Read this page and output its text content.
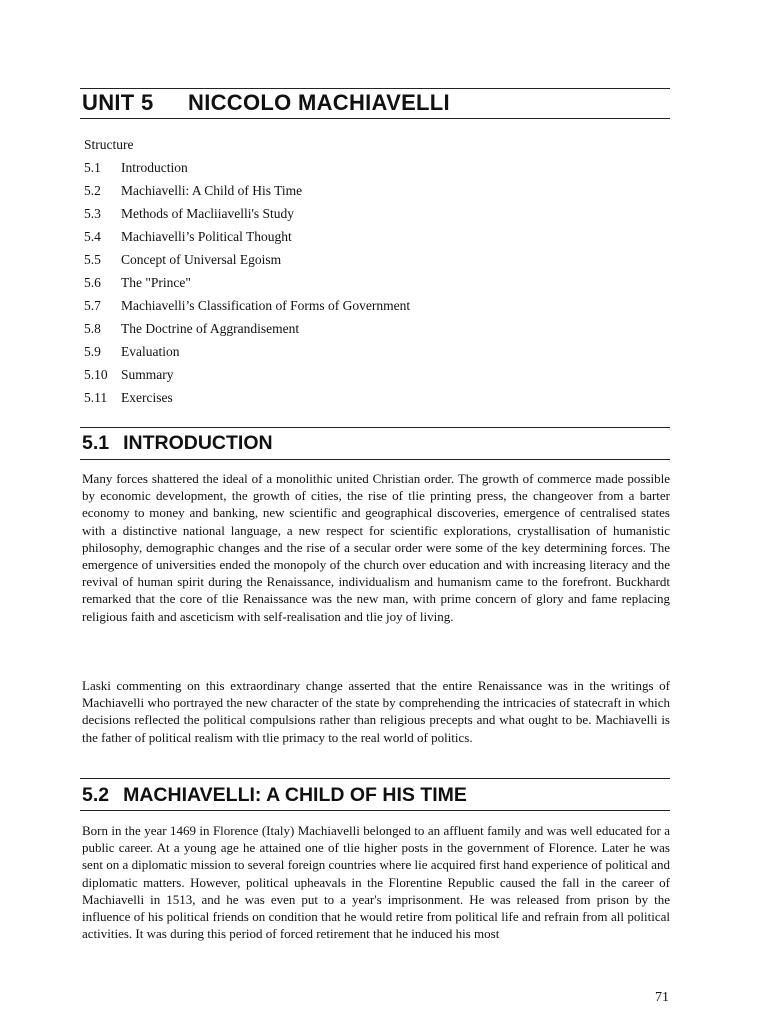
UNIT 5 NICCOLO MACHIAVELLI
Structure
5.1	Introduction
5.2	Machiavelli: A Child of His Time
5.3	Methods of Macliiavelli's Study
5.4	Machiavelli’s Political Thought
5.5	Concept of Universal Egoism
5.6	The "Prince"
5.7	Machiavelli’s Classification of Forms of Government
5.8	The Doctrine of Aggrandisement
5.9	Evaluation
5.10 Summary
5.11	Exercises
5.1 INTRODUCTION

Many forces shattered the ideal of a monolithic united Christian order. The growth of commerce made possible by economic development, the growth of cities, the rise of tlie printing press, the changeover from a barter economy to money and banking, new scientific and geographical discoveries, emergence of centralised states with a distinctive national language, a new respect for scientific explorations, crystallisation of humanistic philosophy, demographic changes and the rise of a secular order were some of the key determining forces. The emergence of universities ended the monopoly of the church over education and with increasing literacy and the revival of human spirit during the Renaissance, individualism and humanism came to the forefront. Buckhardt remarked that the core of tlie Renaissance was the new man, with prime concern of glory and fame replacing religious faith and asceticism with self-realisation and tlie joy of living.

Laski commenting on this extraordinary change asserted that the entire Renaissance was in the writings of Machiavelli who portrayed the new character of the state by comprehending the intricacies of statecraft in which decisions reflected the political compulsions rather than religious precepts and what ought to be. Machiavelli is the father of political realism with tlie primacy to the real world of politics.

5.2 MACHIAVELLI: A CHILD OF HIS TIME

Born in the year 1469 in Florence (Italy) Machiavelli belonged to an affluent family and was well educated for a public career. At a young age he attained one of tlie higher posts in the government of Florence. Later he was sent on a diplomatic mission to several foreign countries where lie acquired first hand experience of political and diplomatic matters. However, political upheavals in the Florentine Republic caused the fall in the career of Machiavelli in 1513, and he was even put to a year's imprisonment. He was released from prison by the influence of his political friends on condition that he would retire from political life and refrain from all political activities. It was during this period of forced retirement that he induced his most

71
